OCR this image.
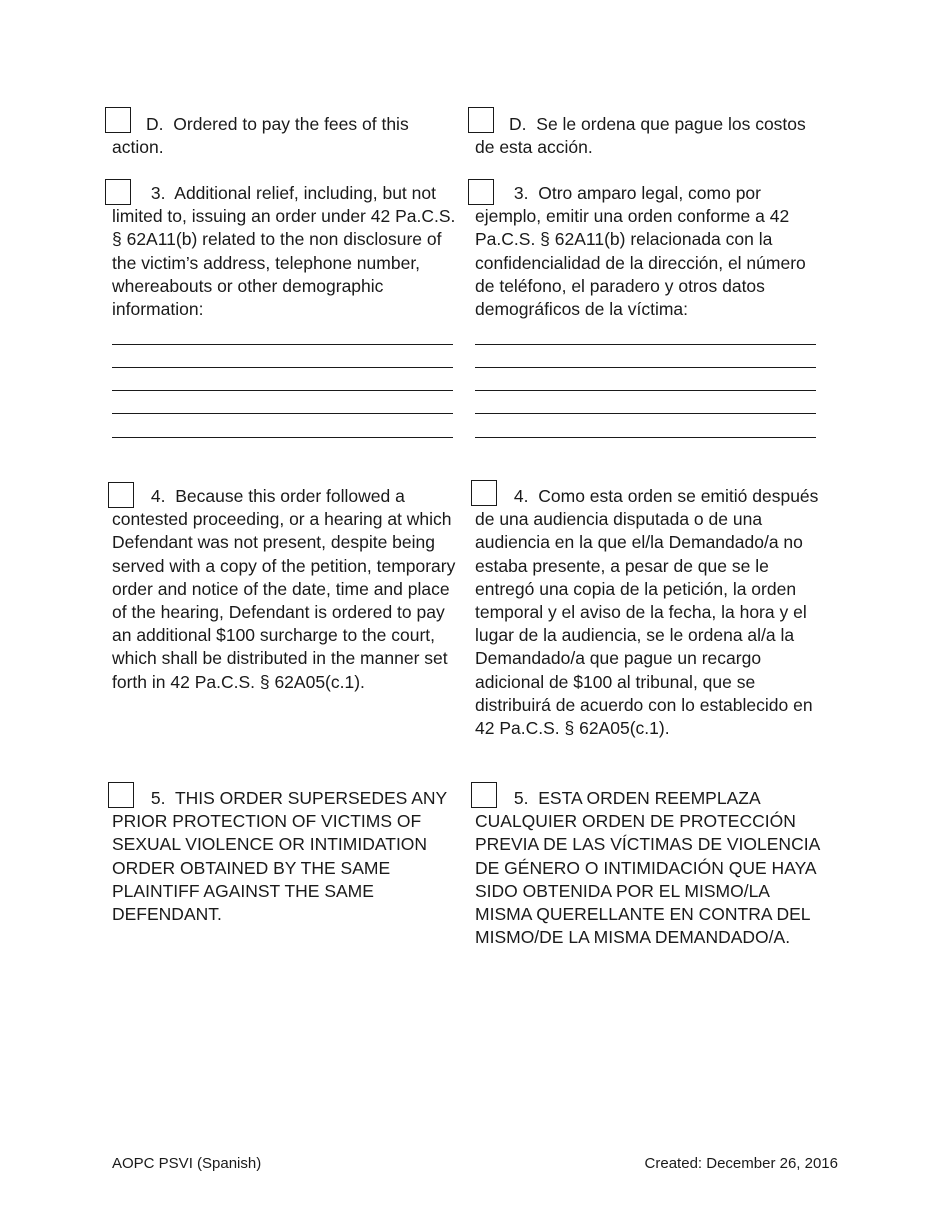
D. Ordered to pay the fees of this action.

3. Additional relief, including, but not limited to, issuing an order under 42 Pa.C.S. § 62A11(b) related to the non disclosure of the victim’s address, telephone number, whereabouts or other demographic information:

4. Because this order followed a contested proceeding, or a hearing at which Defendant was not present, despite being served with a copy of the petition, temporary order and notice of the date, time and place of the hearing, Defendant is ordered to pay an additional $100 surcharge to the court, which shall be distributed in the manner set forth in 42 Pa.C.S. § 62A05(c.1).

5. THIS ORDER SUPERSEDES ANY PRIOR PROTECTION OF VICTIMS OF SEXUAL VIOLENCE OR INTIMIDATION ORDER OBTAINED BY THE SAME PLAINTIFF AGAINST THE SAME DEFENDANT.

D. Se le ordena que pague los costos de esta acción.

3. Otro amparo legal, como por ejemplo, emitir una orden conforme a 42 Pa.C.S. § 62A11(b) relacionada con la confidencialidad de la dirección, el número de teléfono, el paradero y otros datos demográficos de la víctima:

4. Como esta orden se emitió después de una audiencia disputada o de una audiencia en la que el/la Demandado/a no estaba presente, a pesar de que se le entregó una copia de la petición, la orden temporal y el aviso de la fecha, la hora y el lugar de la audiencia, se le ordena al/a la Demandado/a que pague un recargo adicional de $100 al tribunal, que se distribuirá de acuerdo con lo establecido en 42 Pa.C.S. § 62A05(c.1).

5. ESTA ORDEN REEMPLAZA CUALQUIER ORDEN DE PROTECCIÓN PREVIA DE LAS VÍCTIMAS DE VIOLENCIA DE GÉNERO O INTIMIDACIÓN QUE HAYA SIDO OBTENIDA POR EL MISMO/LA MISMA QUERELLANTE EN CONTRA DEL MISMO/DE LA MISMA DEMANDADO/A.

AOPC PSVI (Spanish)	Created: December 26, 2016
